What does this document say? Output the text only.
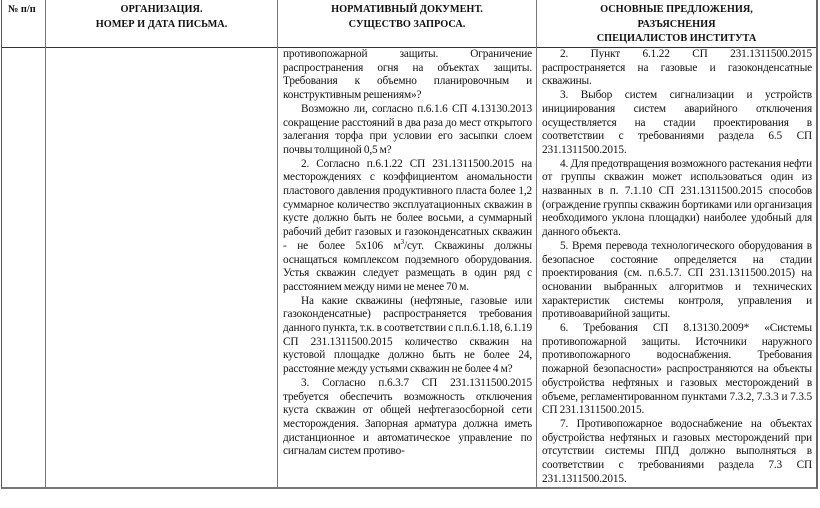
№ п/п	ОРГАНИЗАЦИЯ.
НОМЕР И ДАТА ПИСЬМА.
НОРМАТИВНЫЙ ДОКУМЕНТ.
СУЩЕСТВО ЗАПРОСА.

противопожарной защиты. Ограничение распространения огня на объектах защиты. Требования к объемно планировочным и конструктивным решениям»?

Возможно ли, согласно п.6.1.6 СП 4.13130.2013 сокращение расстояний в два раза до мест открытого залегания торфа при условии его засыпки слоем почвы толщиной 0,5 м?

2. Согласно п.6.1.22 СП 231.1311500.2015 на месторождениях с коэффициентом аномальности пластового давления продуктивного пласта более 1,2 суммарное количество эксплуатационных скважин в кусте должно быть не более восьми, а суммарный рабочий дебит газовых и газоконденсатных скважин - не более 5х106 $м^3$/сут. Скважины должны оснащаться комплексом подземного оборудования. Устья скважин следует размещать в один ряд с расстоянием между ними не менее 70 м.

На какие скважины (нефтяные, газовые или газоконденсатные) распространяется требования данного пункта, т.к. в соответствии с п.п.6.1.18, 6.1.19 СП 231.1311500.2015 количество скважин на кустовой площадке должно быть не более 24, расстояние между устьями скважин не более 4 м?

3. Согласно п.6.3.7 СП 231.1311500.2015 требуется обеспечить возможность отключения куста скважин от общей нефтегазосборной сети месторождения. Запорная арматура должна иметь дистанционное и автоматическое управление по сигналам систем противо-

ОСНОВНЫЕ ПРЕДЛОЖЕНИЯ,
РАЗЪЯСНЕНИЯ
СПЕЦИАЛИСТОВ ИНСТИТУТА

2. Пункт 6.1.22 СП 231.1311500.2015 распространяется на газовые и газоконденсатные скважины.

3. Выбор систем сигнализации и устройств инициирования систем аварийного отключения осуществляется на стадии проектирования в соответствии с требованиями раздела 6.5 СП 231.1311500.2015.

4. Для предотвращения возможного растекания нефти от группы скважин может использоваться один из названных в п. 7.1.10 СП 231.1311500.2015 способов (ограждение группы скважин бортиками или организация необходимого уклона площадки) наиболее удобный для данного объекта.

5. Время перевода технологического оборудования в безопасное состояние определяется на стадии проектирования (см. п.6.5.7. СП 231.1311500.2015) на основании выбранных алгоритмов и технических характеристик системы контроля, управления и противоаварийной защиты.

6. Требования СП 8.13130.2009* «Системы противопожарной защиты. Источники наружного противопожарного водоснабжения. Требования пожарной безопасности» распространяются на объекты обустройства нефтяных и газовых месторождений в объеме, регламентированном пунктами 7.3.2, 7.3.3 и 7.3.5 СП 231.1311500.2015.

7. Противопожарное водоснабжение на объектах обустройства нефтяных и газовых месторождений при отсутствии системы ППД должно выполняться в соответствии с требованиями раздела 7.3 СП 231.1311500.2015.
